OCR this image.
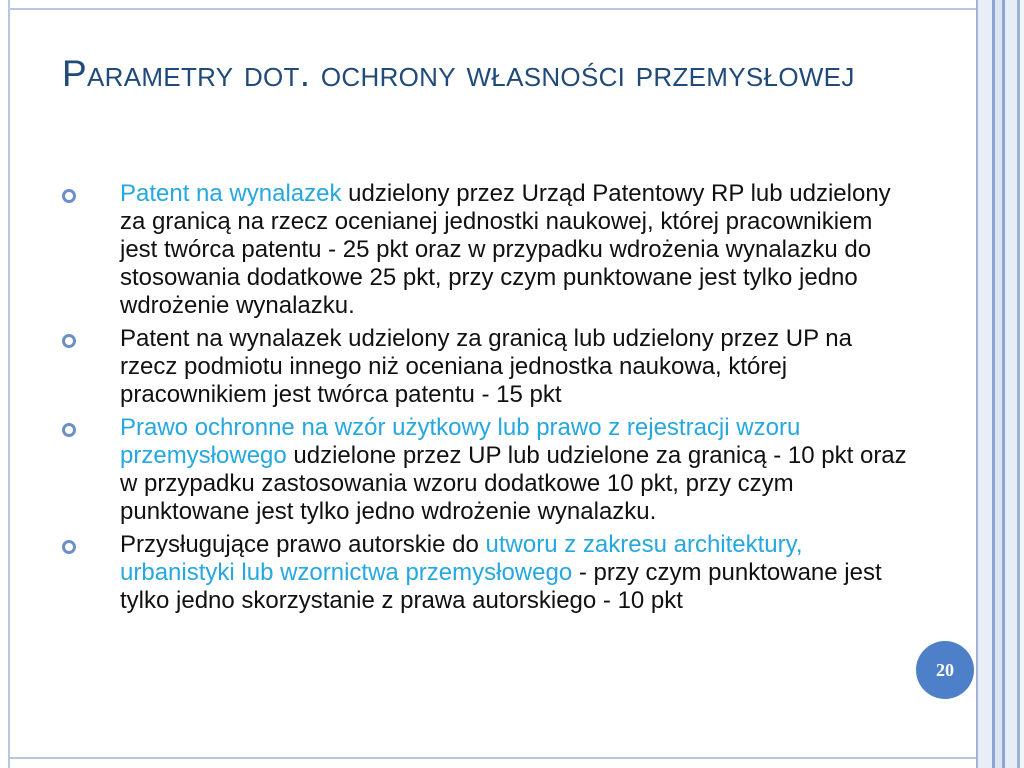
Parametry dot. ochrony własności przemysłowej
Patent na wynalazek udzielony przez Urząd Patentowy RP lub udzielony za granicą na rzecz ocenianej jednostki naukowej, której pracownikiem jest twórca patentu - 25 pkt oraz w przypadku wdrożenia wynalazku do stosowania dodatkowe 25 pkt, przy czym punktowane jest tylko jedno wdrożenie wynalazku.
Patent na wynalazek udzielony za granicą lub udzielony przez UP na rzecz podmiotu innego niż oceniana jednostka naukowa, której pracownikiem jest twórca patentu - 15 pkt
Prawo ochronne na wzór użytkowy lub prawo z rejestracji wzoru przemysłowego udzielone przez UP lub udzielone za granicą - 10 pkt oraz w przypadku zastosowania wzoru dodatkowe 10 pkt, przy czym punktowane jest tylko jedno wdrożenie wynalazku.
Przysługujące prawo autorskie do utworu z zakresu architektury, urbanistyki lub wzornictwa przemysłowego - przy czym punktowane jest tylko jedno skorzystanie z prawa autorskiego - 10 pkt
20
